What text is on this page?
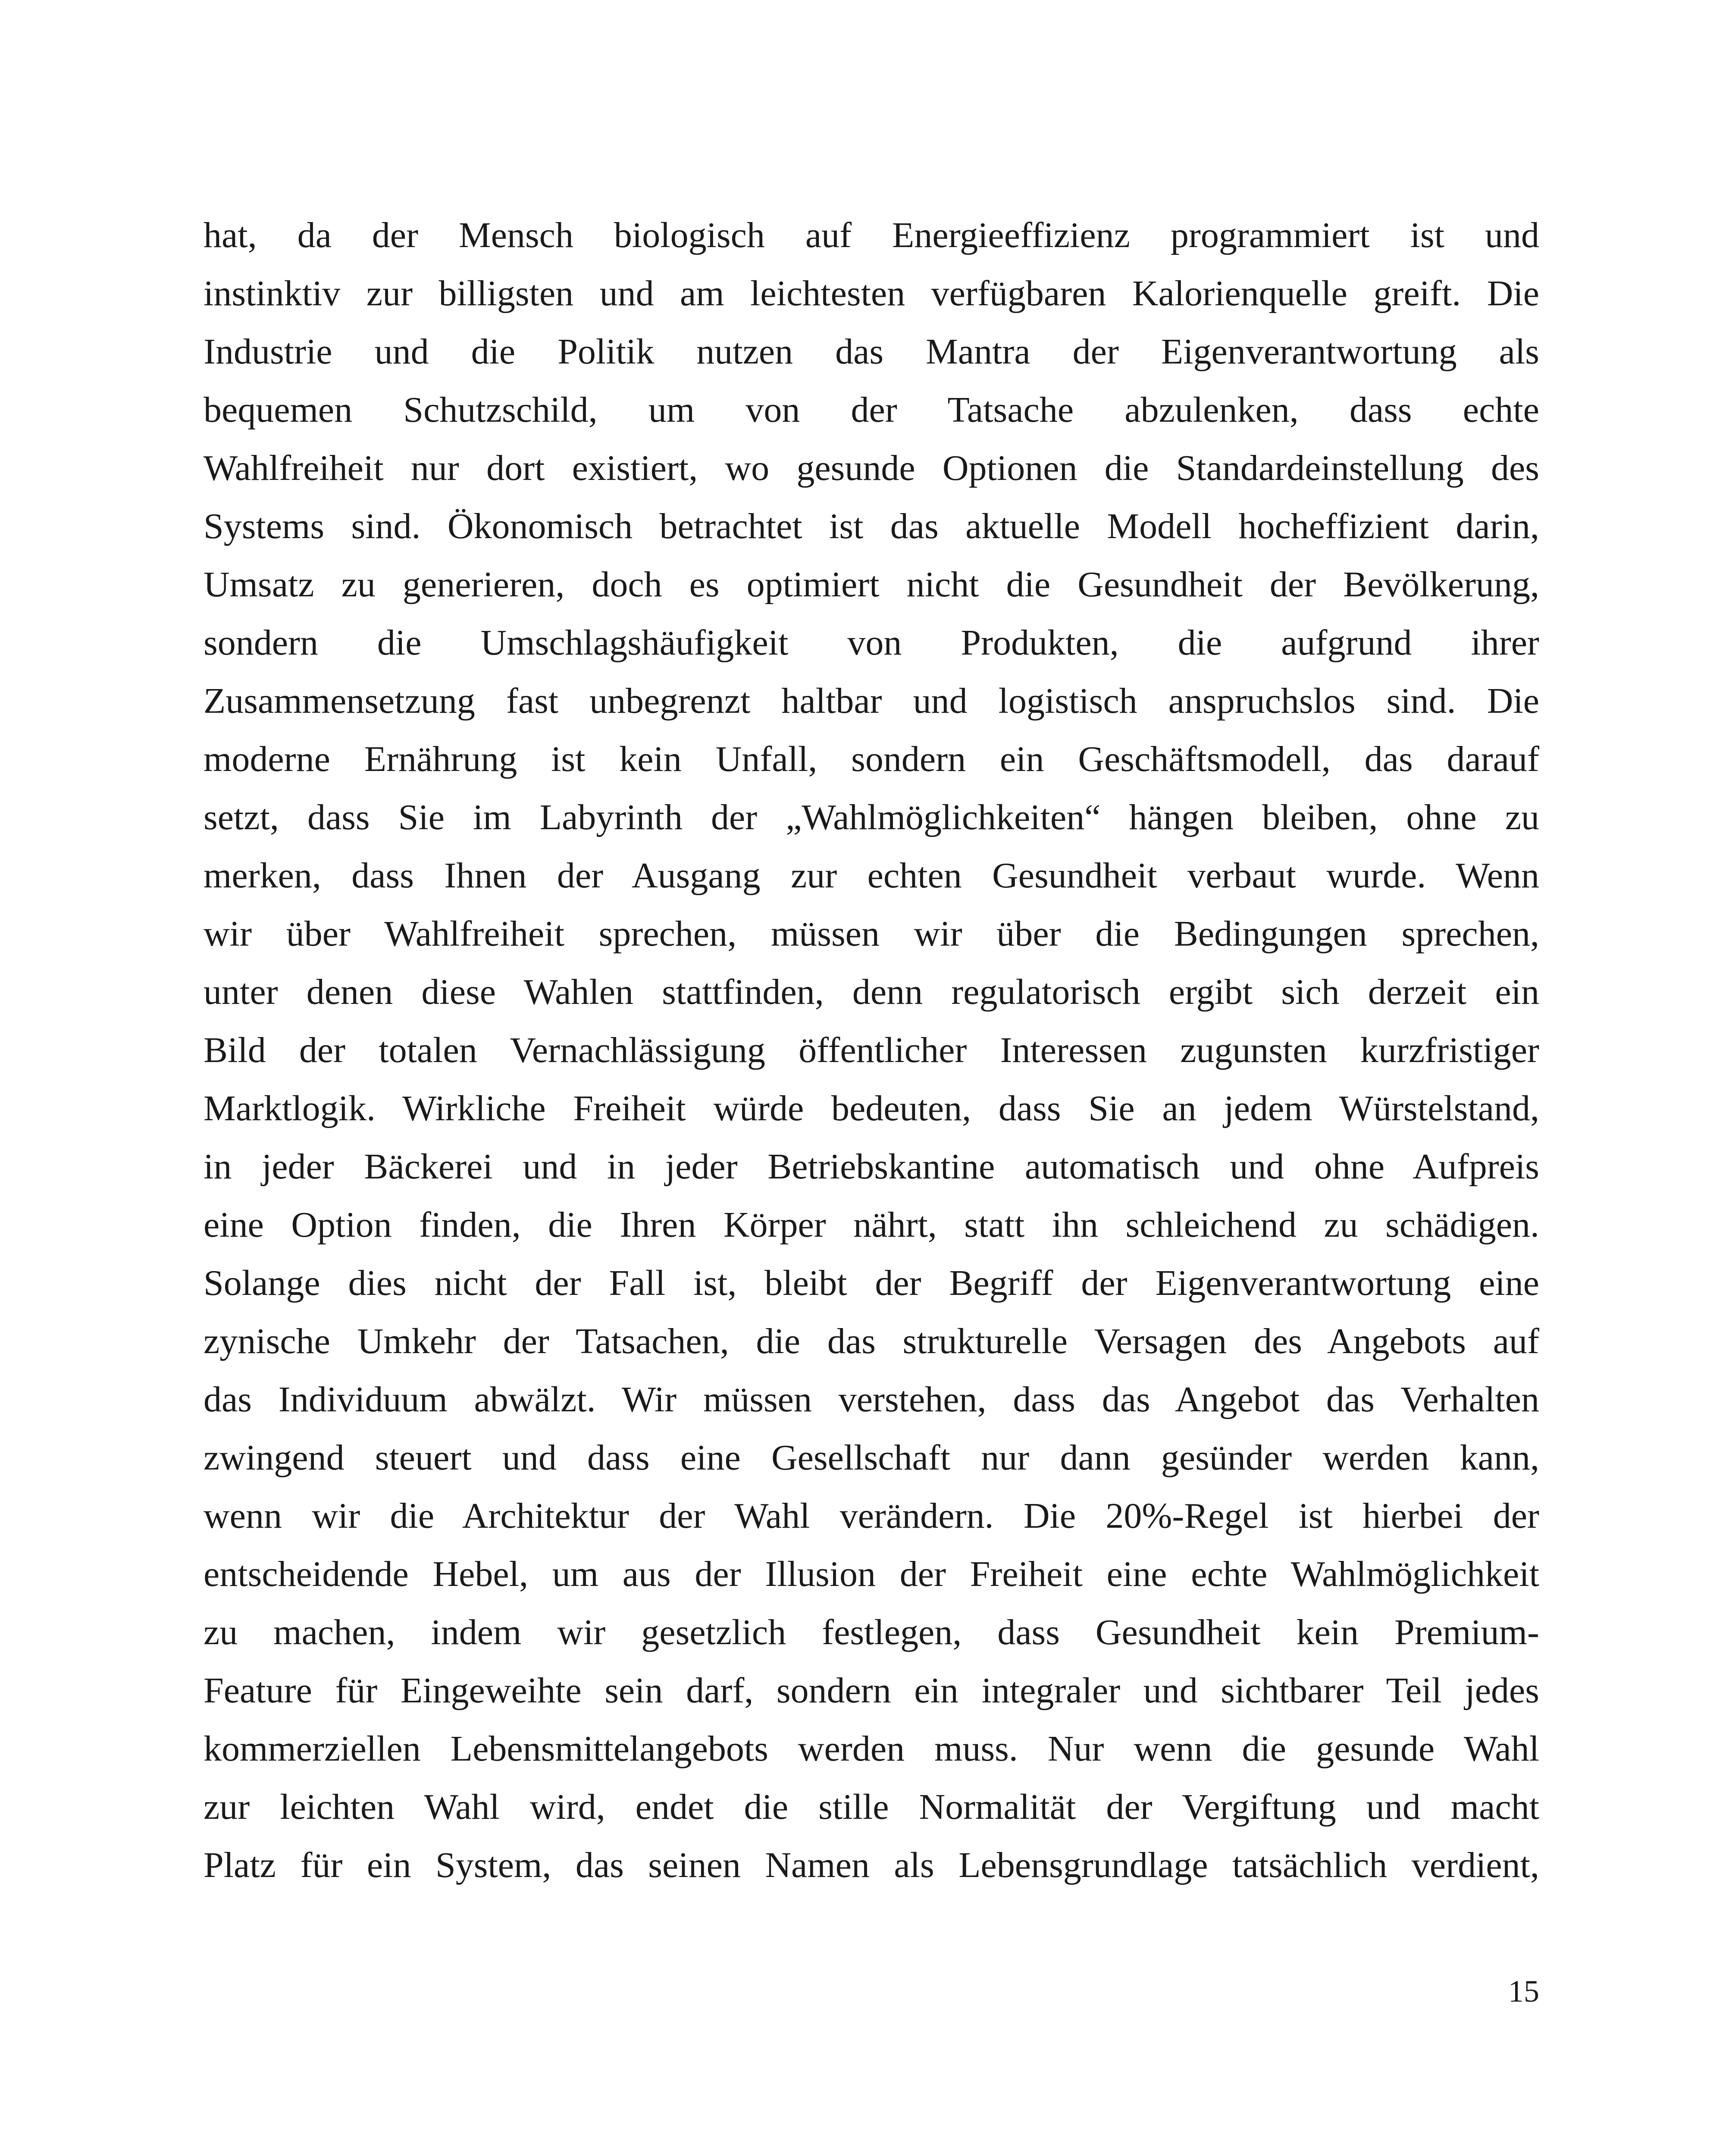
hat, da der Mensch biologisch auf Energieeffizienz programmiert ist und
instinktiv zur billigsten und am leichtesten verfügbaren Kalorienquelle greift. Die
Industrie und die Politik nutzen das Mantra der Eigenverantwortung als
bequemen Schutzschild, um von der Tatsache abzulenken, dass echte
Wahlfreiheit nur dort existiert, wo gesunde Optionen die Standardeinstellung des
Systems sind. Ökonomisch betrachtet ist das aktuelle Modell hocheffizient darin,
Umsatz zu generieren, doch es optimiert nicht die Gesundheit der Bevölkerung,
sondern die Umschlagshäufigkeit von Produkten, die aufgrund ihrer
Zusammensetzung fast unbegrenzt haltbar und logistisch anspruchslos sind. Die
moderne Ernährung ist kein Unfall, sondern ein Geschäftsmodell, das darauf
setzt, dass Sie im Labyrinth der „Wahlmöglichkeiten“ hängen bleiben, ohne zu
merken, dass Ihnen der Ausgang zur echten Gesundheit verbaut wurde. Wenn
wir über Wahlfreiheit sprechen, müssen wir über die Bedingungen sprechen,
unter denen diese Wahlen stattfinden, denn regulatorisch ergibt sich derzeit ein
Bild der totalen Vernachlässigung öffentlicher Interessen zugunsten kurzfristiger
Marktlogik. Wirkliche Freiheit würde bedeuten, dass Sie an jedem Würstelstand,
in jeder Bäckerei und in jeder Betriebskantine automatisch und ohne Aufpreis
eine Option finden, die Ihren Körper nährt, statt ihn schleichend zu schädigen.
Solange dies nicht der Fall ist, bleibt der Begriff der Eigenverantwortung eine
zynische Umkehr der Tatsachen, die das strukturelle Versagen des Angebots auf
das Individuum abwälzt. Wir müssen verstehen, dass das Angebot das Verhalten
zwingend steuert und dass eine Gesellschaft nur dann gesünder werden kann,
wenn wir die Architektur der Wahl verändern. Die 20%-Regel ist hierbei der
entscheidende Hebel, um aus der Illusion der Freiheit eine echte Wahlmöglichkeit
zu machen, indem wir gesetzlich festlegen, dass Gesundheit kein Premium-
Feature für Eingeweihte sein darf, sondern ein integraler und sichtbarer Teil jedes
kommerziellen Lebensmittelangebots werden muss. Nur wenn die gesunde Wahl
zur leichten Wahl wird, endet die stille Normalität der Vergiftung und macht
Platz für ein System, das seinen Namen als Lebensgrundlage tatsächlich verdient,
15
